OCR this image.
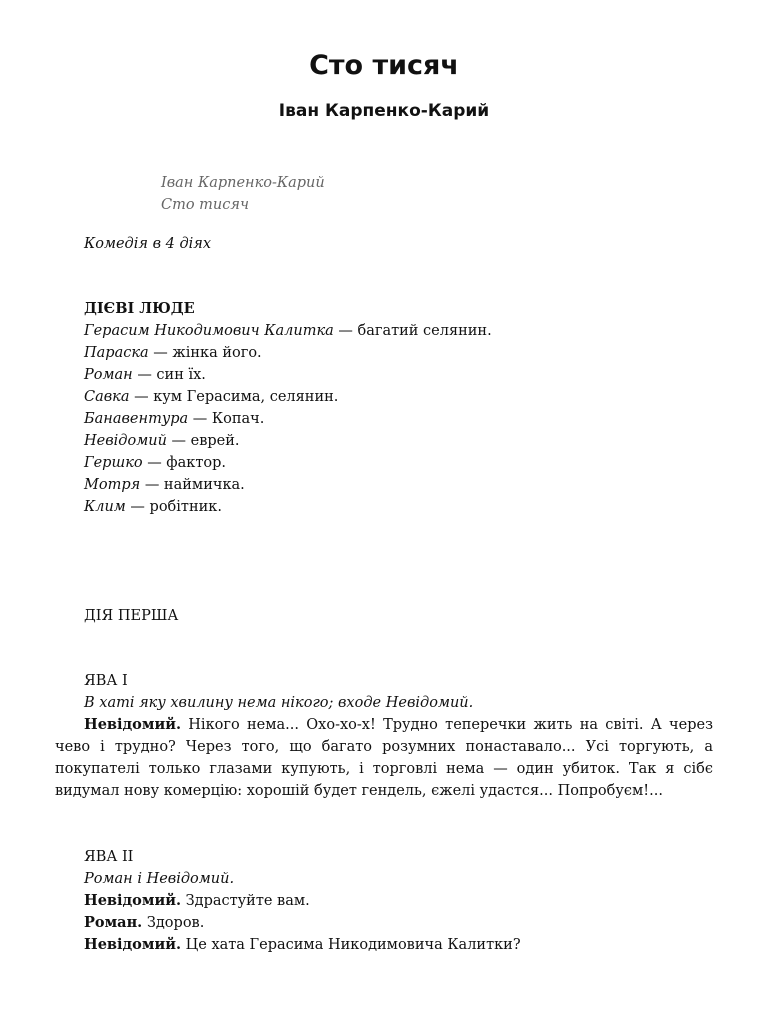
Сто тисяч
Іван Карпенко-Карий
Іван Карпенко-Карий
Сто тисяч
Комедія в 4 діях
ДІЄВІ ЛЮДЕ
Герасим Никодимович Калитка — багатий селянин.
Параска — жінка його.
Роман — син їх.
Савка — кум Герасима, селянин.
Банавентура — Копач.
Невідомий — еврей.
Гершко — фактор.
Мотря — наймичка.
Клим — робітник.
ДІЯ ПЕРША
ЯВА І
В хаті яку хвилину нема нікого; входе Невідомий.

Невідомий. Нікого нема... Охо-хо-х! Трудно теперечки жить на світі. А через чево і трудно? Через того, що багато розумних понаставало... Усі торгують, а покупателі только глазами купують, і торговлі нема — один убиток. Так я сібє видумал нову комерцію: хорошій будет гендель, єжелі удастся... Попробуєм!...

ЯВА II
Роман і Невідомий.
Невідомий. Здрастуйте вам.
Роман. Здоров.
Невідомий. Це хата Герасима Никодимовича Калитки?
